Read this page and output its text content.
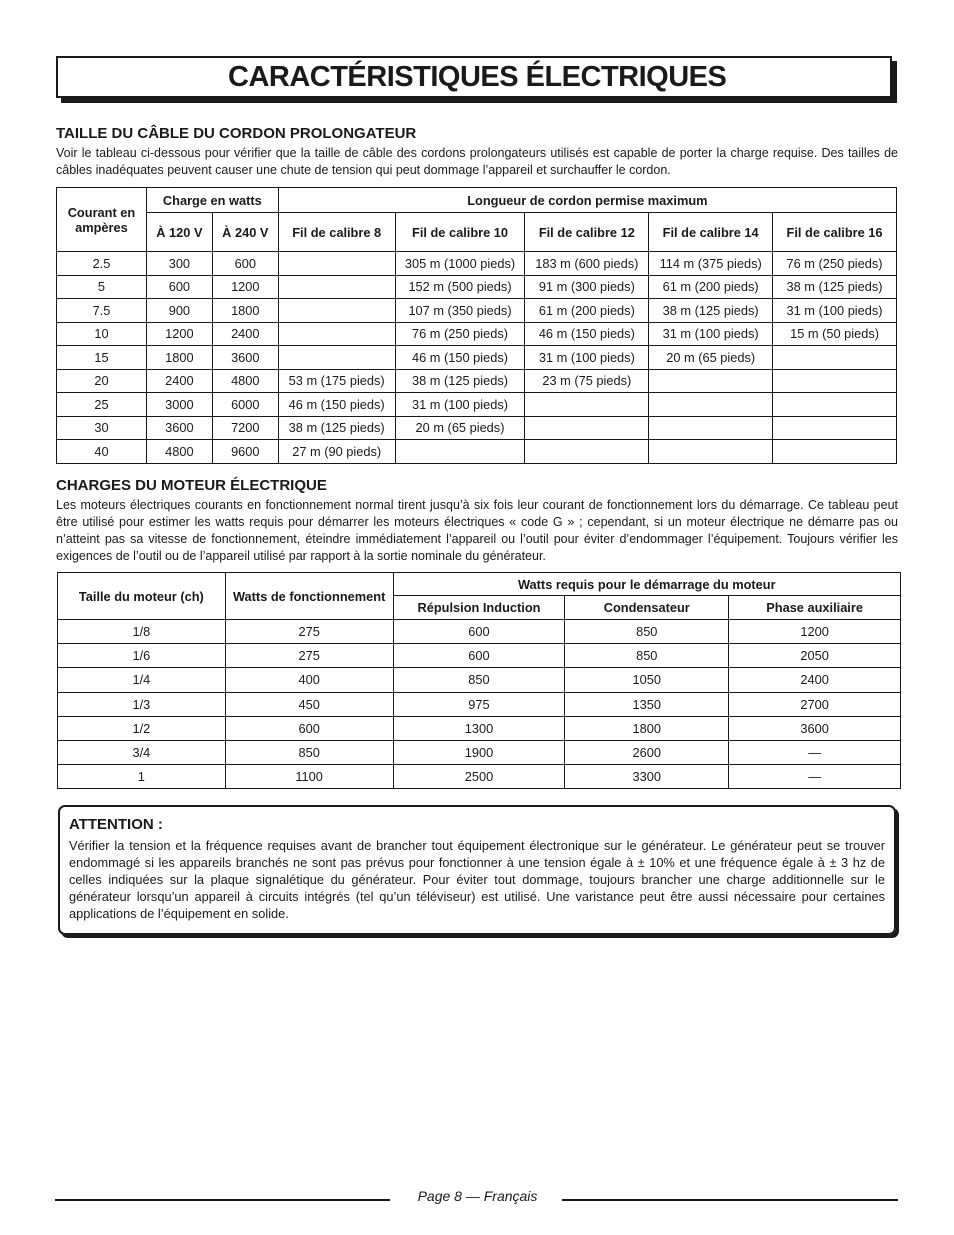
CARACTÉRISTIQUES ÉLECTRIQUES
TAILLE DU CÂBLE DU CORDON PROLONGATEUR

Voir le tableau ci-dessous pour vérifier que la taille de câble des cordons prolongateurs utilisés est capable de porter la charge requise. Des tailles de câbles inadéquates peuvent causer une chute de tension qui peut dommage l’appareil et surchauffer le cordon.

Courant en ampères	Charge en watts		Longueur de cordon permise maximum				
	À 120 V	À 240 V	Fil de calibre 8	Fil de calibre 10	Fil de calibre 12	Fil de calibre 14	Fil de calibre 16
2.5	300	600		305 m (1000 pieds)	183 m (600 pieds)	114 m (375 pieds)	76 m (250 pieds)
5	600	1200		152 m (500 pieds)	91 m (300 pieds)	61 m (200 pieds)	38 m (125 pieds)
7.5	900	1800		107 m (350 pieds)	61 m (200 pieds)	38 m (125 pieds)	31 m (100 pieds)
10	1200	2400		76 m (250 pieds)	46 m (150 pieds)	31 m (100 pieds)	15 m (50 pieds)
15	1800	3600		46 m (150 pieds)	31 m (100 pieds)	20 m (65 pieds)	
20	2400	4800	53 m (175 pieds)	38 m (125 pieds)	23 m (75 pieds)		
25	3000	6000	46 m (150 pieds)	31 m (100 pieds)			
30	3600	7200	38 m (125 pieds)	20 m (65 pieds)			
40	4800	9600	27 m (90 pieds)				
CHARGES DU MOTEUR ÉLECTRIQUE

Les moteurs électriques courants en fonctionnement normal tirent jusqu’à six fois leur courant de fonctionnement lors du démarrage. Ce tableau peut être utilisé pour estimer les watts requis pour démarrer les moteurs électriques « code G » ; cependant, si un moteur électrique ne démarre pas ou n’atteint pas sa vitesse de fonctionnement, éteindre immédiatement l’appareil ou l’outil pour éviter d’endommager l’équipement. Toujours vérifier les exigences de l’outil ou de l’appareil utilisé par rapport à la sortie nominale du générateur.

Taille du moteur (ch)	Watts de fonctionnement	Watts requis pour le démarrage du moteur		
		Répulsion Induction	Condensateur	Phase auxiliaire
1/8	275	600	850	1200
1/6	275	600	850	2050
1/4	400	850	1050	2400
1/3	450	975	1350	2700
1/2	600	1300	1800	3600
3/4	850	1900	2600	—
1	1100	2500	3300	—
ATTENTION :

Vérifier la tension et la fréquence requises avant de brancher tout équipement électronique sur le générateur. Le générateur peut se trouver endommagé si les appareils branchés ne sont pas prévus pour fonctionner à une tension égale à ± 10% et une fréquence égale à ± 3 hz de celles indiquées sur la plaque signalétique du générateur. Pour éviter tout dommage, toujours brancher une charge additionnelle sur le générateur lorsqu’un appareil à circuits intégrés (tel qu’un téléviseur) est utilisé. Une varistance peut être aussi nécessaire pour certaines applications de l’équipement en solide.

Page 8 — Français
